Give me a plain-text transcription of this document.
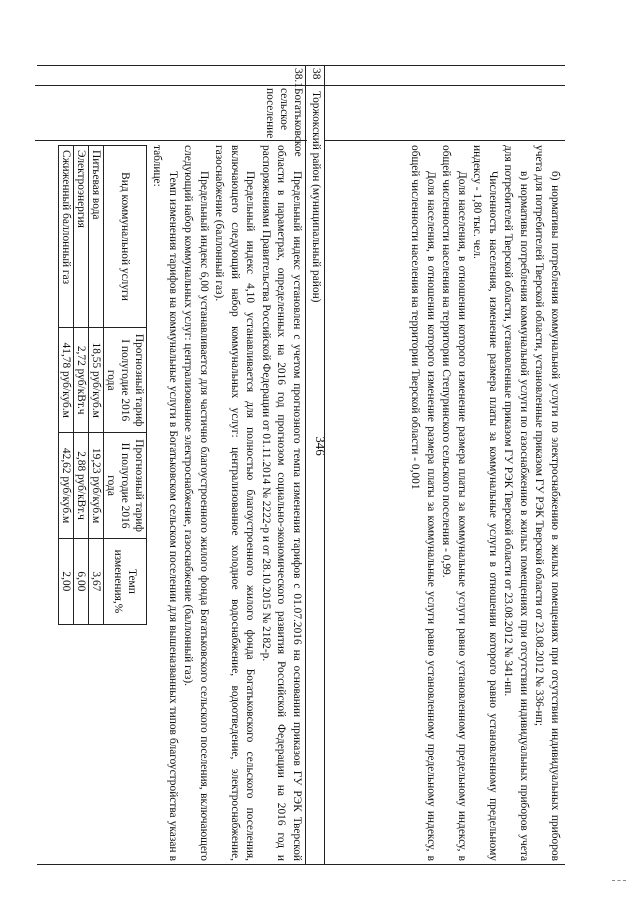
346	б) нормативы потребления коммунальной услуги по электроснабжению в жилых помещениях при отсутствии индивидуальных приборов учета для потребителей Тверской области, установленные приказом ГУ РЭК Тверской области от 23.08.2012 № 336-нп;

в) нормативы потребления коммунальной услуги по газоснабжению в жилых помещениях при отсутствии индивидуальных приборов учета для потребителей Тверской области, установленные приказом ГУ РЭК Тверской области от 23.08.2012 № 341-нп.

Численность населения, изменение размера платы за коммунальные услуги в отношении которого равно установленному предельному индексу - 1,80 тыс. чел.

Доля населения, в отношении которого изменение размера платы за коммунальные услуги равно установленному предельному индексу, в общей численности населения на территории Степуринского сельского поселения - 0,99.

Доля населения, в отношении которого изменение размера платы за коммунальные услуги равно установленному предельному индексу, в общей численности населения на территории Тверской области - 0,001

38
Торжокский район (муниципальный район)
38.1
Богатьковское сельское поселение

Предельный индекс установлен с учетом прогнозного темпа изменения тарифов с 01.07.2016 на основании приказов ГУ РЭК Тверской области в параметрах, определенных на 2016 год прогнозом социально-экономического развития Российской Федерации на 2016 год и распоряжениями Правительства Российской Федерации от 01.11.2014 № 2222-р и от 28.10.2015 № 2182-р.

Предельный индекс 4,10 устанавливается для полностью благоустроенного жилого фонда Богатьковского сельского поселения, включающего следующий набор коммунальных услуг: централизованное холодное водоснабжение, водоотведение, электроснабжение, газоснабжение (баллонный газ).

Предельный индекс 6,00 устанавливается для частично благоустроенного жилого фонда Богатьковского сельского поселения, включающего следующий набор коммунальных услуг: централизованное электроснабжение, газоснабжение (баллонный газ).

Темп изменения тарифов на коммунальные услуги в Богатьковском сельском поселении для вышеназванных типов благоустройства указан в таблице:

Вид коммунальной услуги	Прогнозный тариф I полугодие 2016 года	Прогнозный тариф II полугодие 2016 года	Темп изменения,%
Питьевая вода	18,55 руб/куб.м	19,23 руб/куб.м	3,67
Электроэнергия	2,72 руб/кВт.ч	2,88 руб/кВт.ч	6,00
Сжиженный баллонный газ	41,78 руб/куб.м	42,62 руб/куб.м	2,00
